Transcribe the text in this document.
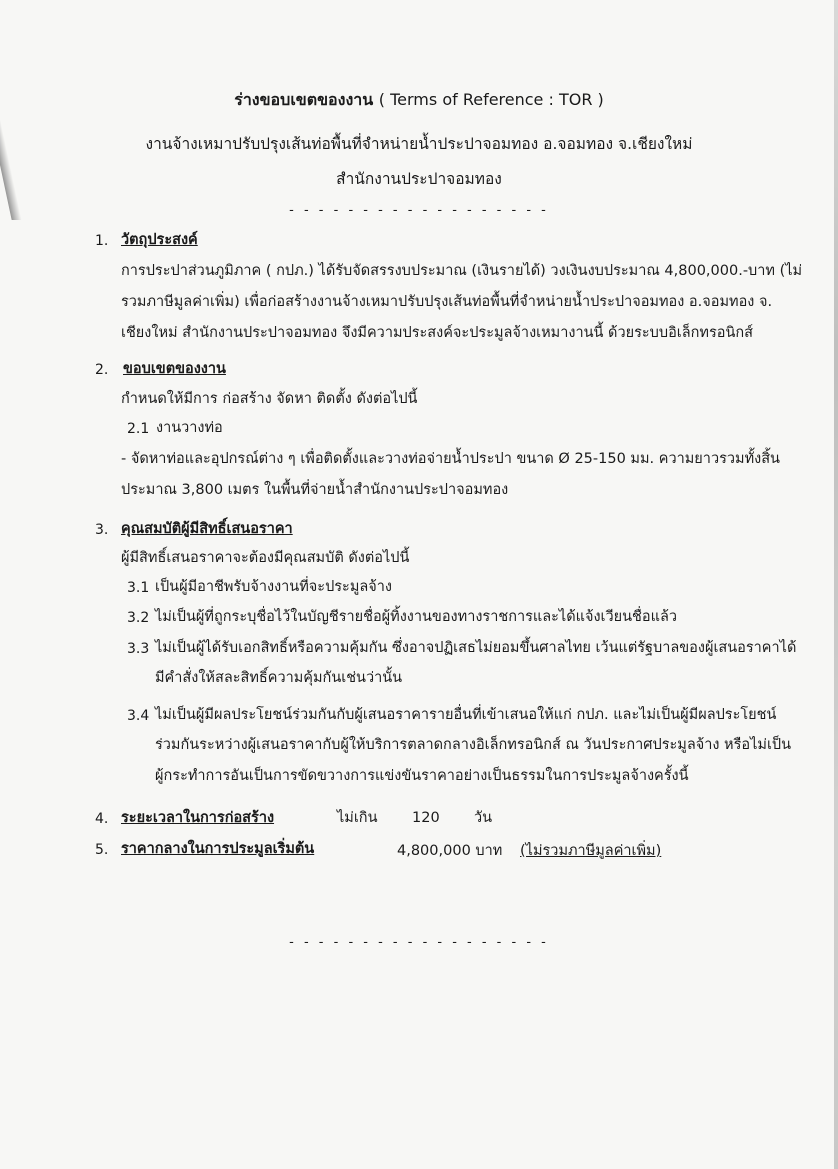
ร่างขอบเขตของงาน ( Terms of Reference : TOR )
งานจ้างเหมาปรับปรุงเส้นท่อพื้นที่จำหน่ายน้ำประปาจอมทอง อ.จอมทอง จ.เชียงใหม่
สำนักงานประปาจอมทอง
- - - - - - - - - - - - - - - - - -
1. วัตถุประสงค์
การประปาส่วนภูมิภาค ( กปภ.) ได้รับจัดสรรงบประมาณ (เงินรายได้) วงเงินงบประมาณ 4,800,000.-บาท (ไม่
รวมภาษีมูลค่าเพิ่ม) เพื่อก่อสร้างงานจ้างเหมาปรับปรุงเส้นท่อพื้นที่จำหน่ายน้ำประปาจอมทอง อ.จอมทอง จ.
เชียงใหม่ สำนักงานประปาจอมทอง จึงมีความประสงค์จะประมูลจ้างเหมางานนี้ ด้วยระบบอิเล็กทรอนิกส์
2. ขอบเขตของงาน
กำหนดให้มีการ ก่อสร้าง จัดหา ติดตั้ง ดังต่อไปนี้
2.1 งานวางท่อ
- จัดหาท่อและอุปกรณ์ต่าง ๆ เพื่อติดตั้งและวางท่อจ่ายน้ำประปา ขนาด Ø 25-150 มม. ความยาวรวมทั้งสิ้น
ประมาณ 3,800 เมตร ในพื้นที่จ่ายน้ำสำนักงานประปาจอมทอง
3. คุณสมบัติผู้มีสิทธิ์เสนอราคา
ผู้มีสิทธิ์เสนอราคาจะต้องมีคุณสมบัติ ดังต่อไปนี้
3.1 เป็นผู้มีอาชีพรับจ้างงานที่จะประมูลจ้าง
3.2 ไม่เป็นผู้ที่ถูกระบุชื่อไว้ในบัญชีรายชื่อผู้ทิ้งงานของทางราชการและได้แจ้งเวียนชื่อแล้ว
3.3 ไม่เป็นผู้ได้รับเอกสิทธิ์หรือความคุ้มกัน ซึ่งอาจปฏิเสธไม่ยอมขึ้นศาลไทย เว้นแต่รัฐบาลของผู้เสนอราคาได้
มีคำสั่งให้สละสิทธิ์ความคุ้มกันเช่นว่านั้น
3.4 ไม่เป็นผู้มีผลประโยชน์ร่วมกันกับผู้เสนอราคารายอื่นที่เข้าเสนอให้แก่ กปภ. และไม่เป็นผู้มีผลประโยชน์
ร่วมกันระหว่างผู้เสนอราคากับผู้ให้บริการตลาดกลางอิเล็กทรอนิกส์ ณ วันประกาศประมูลจ้าง หรือไม่เป็น
ผู้กระทำการอันเป็นการขัดขวางการแข่งขันราคาอย่างเป็นธรรมในการประมูลจ้างครั้งนี้
4. ระยะเวลาในการก่อสร้าง	ไม่เกิน 120 วัน
5. ราคากลางในการประมูลเริ่มต้น	4,800,000 บาท (ไม่รวมภาษีมูลค่าเพิ่ม)
- - - - - - - - - - - - - - - - - -
